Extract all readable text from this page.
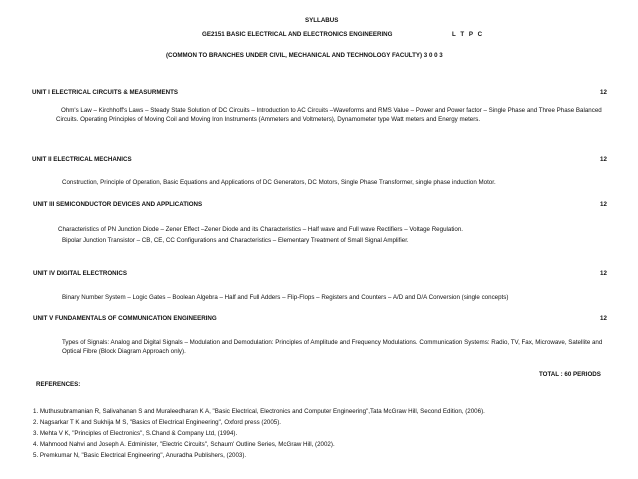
SYLLABUS
GE2151 BASIC ELECTRICAL AND ELECTRONICS ENGINEERING	L T P C
(COMMON TO BRANCHES UNDER CIVIL, MECHANICAL AND TECHNOLOGY FACULTY) 3 0 0 3
UNIT I ELECTRICAL CIRCUITS & MEASURMENTS	12
Ohm's Law – Kirchhoff's Laws – Steady State Solution of DC Circuits – Introduction to AC Circuits –Waveforms and RMS Value – Power and Power factor – Single Phase and Three Phase Balanced Circuits. Operating Principles of Moving Coil and Moving Iron Instruments (Ammeters and Voltmeters), Dynamometer type Watt meters and Energy meters.
UNIT II ELECTRICAL MECHANICS	12
Construction, Principle of Operation, Basic Equations and Applications of DC Generators, DC Motors, Single Phase Transformer, single phase induction Motor.
UNIT III SEMICONDUCTOR DEVICES AND APPLICATIONS	12
Characteristics of PN Junction Diode – Zener Effect –Zener Diode and its Characteristics – Half wave and Full wave Rectifiers – Voltage Regulation.
Bipolar Junction Transistor – CB, CE, CC Configurations and Characteristics – Elementary Treatment of Small Signal Amplifier.
UNIT IV DIGITAL ELECTRONICS	12
Binary Number System – Logic Gates – Boolean Algebra – Half and Full Adders – Flip-Flops – Registers and Counters – A/D and D/A Conversion (single concepts)
UNIT V FUNDAMENTALS OF COMMUNICATION ENGINEERING	12
Types of Signals: Analog and Digital Signals – Modulation and Demodulation: Principles of Amplitude and Frequency Modulations. Communication Systems: Radio, TV, Fax, Microwave, Satellite and Optical Fibre (Block Diagram Approach only).
TOTAL : 60 PERIODS
REFERENCES:
1. Muthusubramanian R, Salivahanan S and Muraleedharan K A, "Basic Electrical, Electronics and Computer Engineering",Tata McGraw Hill, Second Edition, (2006).
2. Nagsarkar T K and Sukhija M S, "Basics of Electrical Engineering", Oxford press (2005).
3. Mehta V K, "Principles of Electronics", S.Chand & Company Ltd, (1994).
4. Mahmood Nahvi and Joseph A. Edminister, "Electric Circuits", Schaum' Outline Series, McGraw Hill, (2002).
5. Premkumar N, "Basic Electrical Engineering", Anuradha Publishers, (2003).
